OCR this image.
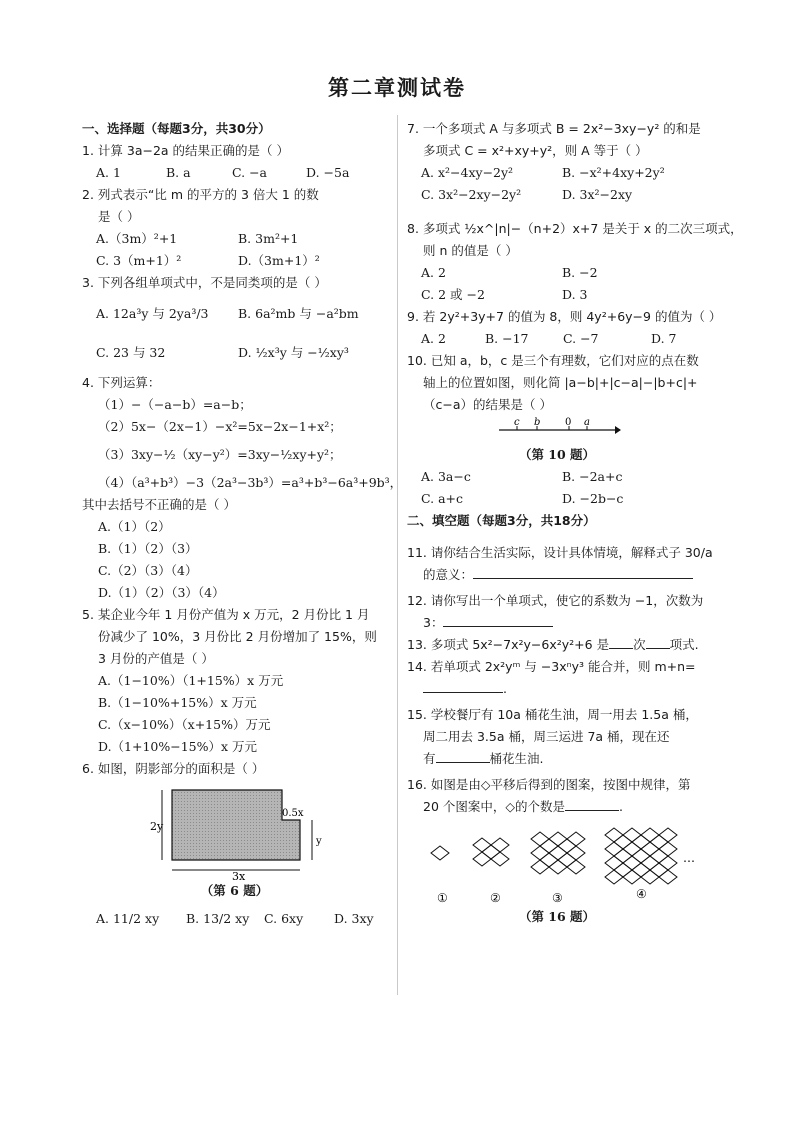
第二章测试卷
一、选择题（每题3分，共30分）
1. 计算 3a−2a 的结果正确的是（ ）
A. 1	B. a	C. −a	D. −5a
2. 列式表示“比 m 的平方的 3 倍大 1 的数
是（ ）
A.（3m）²+1	B. 3m²+1
C. 3（m+1）²	D.（3m+1）²
3. 下列各组单项式中，不是同类项的是（ ）
A. 12a³y 与 2ya³/3 B. 6a²mb 与 −a²bm
C. 23 与 32	D. ½x³y 与 −½xy³
4. 下列运算：
（1）−（−a−b）=a−b；
（2）5x−（2x−1）−x²=5x−2x−1+x²；
（3）3xy−½（xy−y²）=3xy−½xy+y²；
（4）（a³+b³）−3（2a³−3b³）=a³+b³−6a³+9b³，
其中去括号不正确的是（ ）
A.（1）（2）
B.（1）（2）（3）
C.（2）（3）（4）
D.（1）（2）（3）（4）
5. 某企业今年 1 月份产值为 x 万元，2 月份比 1 月
份减少了 10%，3 月份比 2 月份增加了 15%，则
3 月份的产值是（ ）
A.（1−10%）（1+15%）x 万元
B.（1−10%+15%）x 万元
C.（x−10%）（x+15%）万元
D.（1+10%−15%）x 万元
6. 如图，阴影部分的面积是（ ）
2y
3x
0.5x
y
（第 6 题）
A. 11/2 xy B. 13/2 xy C. 6xy D. 3xy
7. 一个多项式 A 与多项式 B = 2x²−3xy−y² 的和是
多项式 C = x²+xy+y²，则 A 等于（ ）
A. x²−4xy−2y²	B. −x²+4xy+2y²
C. 3x²−2xy−2y²	D. 3x²−2xy
8. 多项式 ½x^|n|−（n+2）x+7 是关于 x 的二次三项式，
则 n 的值是（ ）
A. 2	B. −2
C. 2 或 −2	D. 3
9. 若 2y²+3y+7 的值为 8，则 4y²+6y−9 的值为（ ）
A. 2	B. −17	C. −7	D. 7
10. 已知 a，b，c 是三个有理数，它们对应的点在数
轴上的位置如图，则化简 |a−b|+|c−a|−|b+c|+
（c−a）的结果是（ ）
c b 0 a
（第 10 题）
A. 3a−c	B. −2a+c
C. a+c	D. −2b−c
二、填空题（每题3分，共18分）
11. 请你结合生活实际，设计具体情境，解释式子 30/a
的意义：
12. 请你写出一个单项式，使它的系数为 −1，次数为
3：
13. 多项式 5x²−7x²y−6x²y²+6 是 次 项式.
14. 若单项式 2x²yᵐ 与 −3xⁿy³ 能合并，则 m+n=
.
15. 学校餐厅有 10a 桶花生油，周一用去 1.5a 桶，
周二用去 3.5a 桶，周三运进 7a 桶，现在还
有	桶花生油.
16. 如图是由◇平移后得到的图案，按图中规律，第
20 个图案中，◇的个数是	.
①	②	③	④
…
（第 16 题）
